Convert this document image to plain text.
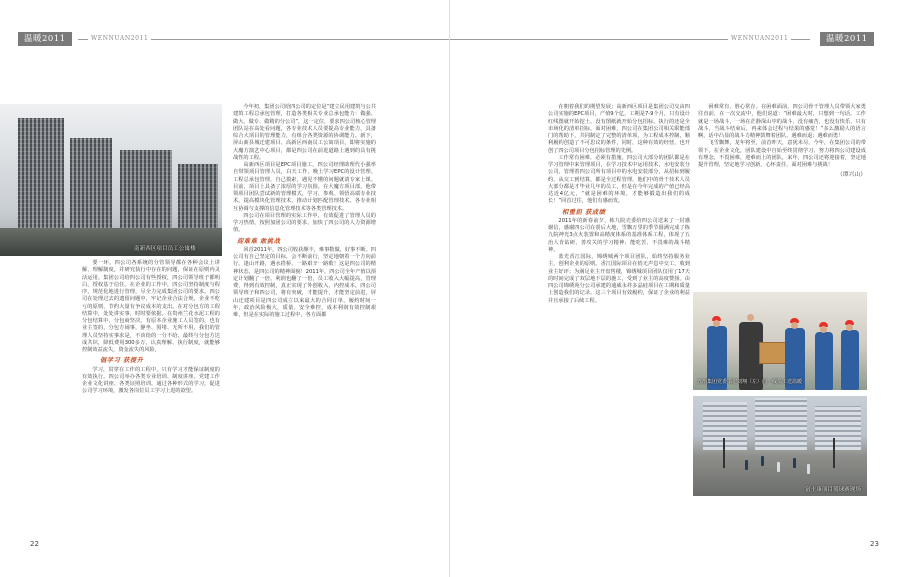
温暖2011	WENNUAN2011
南新西区项目员工公寓楼

要一环。四公司各系统的分管领导都在各种会议上讲解、理解制度，并研究执行中存在的问题，保证在原则内灵活运用。集团公司给四公司有些授权，四公司领导班子都明白，授权基于信任。在企业的工作中，四公司坚持制度与程序，规范化地进行管理，尽全力完成集团公司的要求。四公司在处理过去的遗留问题中，牢记企业合法合规，企业不吃亏的原则，节约大量有争议成本的支出。在对分包方的工程结算中，处处讲实事，时时要依据。在贵州兰花水泥工程的分包结算中，分包商坚决，有原本企业施工人员签的，也有业主签的，分包方闹事，静坐、围堵、无所不用，我们的管理人员坚持实事求是，不该给的一分不给，最终与分包方达成共识，降低费用300多万。认真理解、执行制度，就能够控制效益流失，资金流失的风险。

倡学习 获提升

学习，贯穿在工作的工程中，只有学习才能保证制度的有效执行。四公司举办各类专业培训、制度讲座、党建工作企业文化讲座、各类证照培训。通过各种形式的学习，促进公司学习环境，激发各岗位员工学习上进的欲望。

今年初，集团公司给四公司的定位是“建立民用建筑与公共建筑工程总承包管理，打造各类相关专业总承包能力：做强、做大、做专、做精的分公司”，这一定位，要求四公司核心管理团队站在高处看问题，各专业技术人员要提高专业能力，具备综合大项目的管理能力，有组合各类资源的协调能力。新下，屏山新县城迁建项目、高新区西南员工公寓项目，即将实施的大魔方演艺中心项目，都是四公司在前进道路上遇到的具有挑战性的工程。

高新西区项目是EPC项目施工，四公司经理助理代小强率自带领项目管理人员，白天工作，晚上学习EPC的设计管理、工程总承包管理，自己摸索，遇见不懂的问题就请专家上课。目前，项目上具备了浓厚的学习氛围。在大魔方项目部，他带领项目团队尝试新的管理模式，学习、参观、领悟高端专业技术，提高模块化管理技术，推动计划匹配管理技术，各专业相互协调与支撑的信息化管理技术等各类管理技术。

四公司在项目管理的实际工作中，有效促进了管理人员的学习热情，按照加团公司的要求，加快了四公司的人力资源增值。

迎难难 敢挑战

回首2011年，四公司收获颇丰，难事数做，好事不断。四公司有自己坚定的目标，会不断前行，坚定地朝着一个方向前行，逢山开路，遇水搭桥，一路艰辛一路歌！这是四公司的精神状态，是四公司的精神面貌！2011年，四公司全年产值以预定计划翻了一倍，利润也翻了一倍，员工收入大幅提高，管理费，得到有效控制，真正实现了外创收入、内控成本。四公司领导班子和四公司，将有突破，才能提升，才能坚定前进，屏山迁建项目是四公司成立以来最大的合同订单，履约时间一年，政治风险极大，质量、安全难控，成本利润有效控制艰难，但是在实际的施工过程中，各方面都

22
WENNUAN2011	温暖2011

在朝着我们的期望发展；高新西区项目是集团公司交由四公司实施的EPC项目，产值9个亿，工期是7-9个月，只有设计红线图就开始挖土，没有图纸就开始分包招标，执行的还是全市场化的清单招标，面对困难，四公司在集团公司相关职能部门的帮助下，共同制定了完整的清单项，为工程成本控制，顺利履约创造了不可思议的条件，同时，这种有效的经营，也开创了四公司项目分包招标管理的先例。

工作常有困难，必须有措施。四公司大部分的团队都是在学习管理中来管理项目，在学习技术中运用技术，水电安装分公司，管理着四公司所有项目中的水电安装部分，从招标到履约，从交工到结算，都是全过程管理，他们中的骨干技术人员大部分都是才毕业几年的员工，但是在今年完成的产值已经高达近4亿元，“就是困难的环境，才能够锻造出我们的成长！”回首过往，他们有感而发。

相重担 获成绩

2011年的新春前夕，栋九院壳委给四公司送来了一封感谢信，感谢四公司在震后大地，雪飘万里的季节圆满完成了栋九院神光3点火装置和高精度体系的基准体系工程，体现了五治人肯钻研、善攻关的学习精神、能吃苦、不畏难的战斗精神。

蓝光香江国际、锦绣城两个项目团队，始终坚持服务业主，创利企业的原则。香江国际项目在悄无声息中交工，收到业主好评；为满足业主开盘售楼，锦绣城项目团队仅用了17天的时间完成了双层地下层的施工，受到了业主的高度赞扬。由四公司锦绣苑分公司承建的通威永祥多晶硅项目在工期和质量上创造我们的记录。这三个项目有效履约，保证了企业的利益并且承接了后续工程。

困难常有，胜心常存。在困难面前，四公司骨干管理人员带领大家勇往直前，在一次交流中，他们说道：“困难最大时，只想到一句话，工作就是一场战斗，一场在茫静深山中的战斗，没有痛苦，也没有快乐，只有战斗，当战斗结束后，再来体会过程与结果的感觉！”多么激励人的语言啊，话中凸显的战斗力精神鼓舞着团队，遇难而退；遇难而勇！

飞雪飘舞，龙年将至，前首昨天，意犹未尽，今年，在集团公司的带领下，在企业文化，团队建设中自始至终贯彻学习，努力将四公司建设成有理念，不畏困难，迎难而上的团队，来年，四公司还将迎接着，坚定地提升管理，坚定地学习创新，心怀责任，面对困难与挑战！

（谭兴山）
五冶集团党委书记刘翔（左）向一线员工送温暖
富士康项目篮球赛现场
23
